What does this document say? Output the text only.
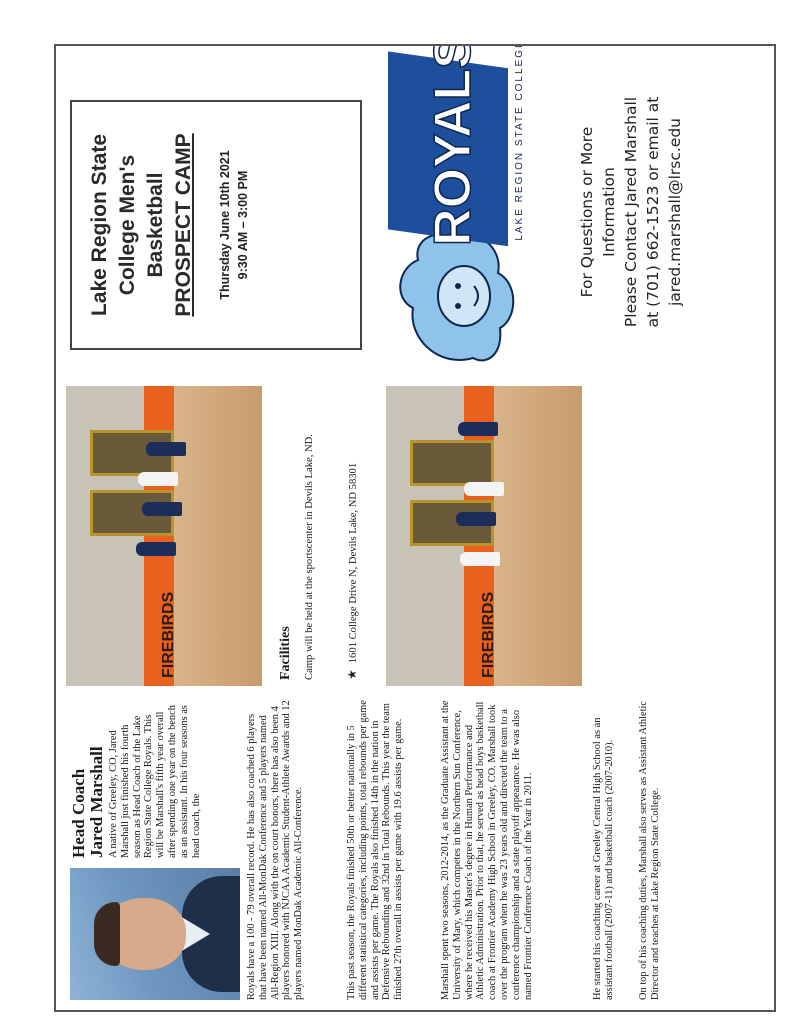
Head Coach Jared Marshall A native of Greeley, CO, Jared Marshall just finished his fourth season as Head Coach of the Lake Region State College Royals. This will be Marshall's fifth year overall after spending one year on the bench as an assistant. In his four seasons as head coach, the	Royals have a 100 - 79 overall record. He has also coached 6 players that have been named All-MonDak Conference and 5 players named All-Region XIII. Along with the on court honors, there has also been 4 players honored with NJCAA Academic Student-Athlete Awards and 12 players named MonDak Academic All-Conference.	This past season, the Royals finished 50th or better nationally in 5 different statistical categories, including points, total rebounds per game and assists per game. The Royals also finished 14th in the nation in Defensive Rebounding and 32nd in Total Rebounds. This year the team finished 27th overall in assists per game with 19.6 assists per game.	Marshall spent two seasons, 2012-2014, as the Graduate Assistant at the University of Mary, which competes in the Northern Sun Conference, where he received his Master's degree in Human Performance and Athletic Administration. Prior to that, he served as head boys basketball coach at Frontier Academy High School in Greeley, CO. Marshall took over the program when he was 23 years old and directed the team to a conference championship and a state playoff appearance. He was also named Frontier Conference Coach of the Year in 2011.	He started his coaching career at Greeley Central High School as an assistant football (2007-11) and basketball coach (2007-2010). On top of his coaching duties, Marshall also serves as Assistant Athletic Director and teaches at Lake Region State College.

FIREBIRDS	Facilities Camp will be held at the sportscenter in Devils Lake, ND.	★1601 College Drive N, Devils Lake, ND 58301	FIREBIRDS
Lake Region State College Men's Basketball PROSPECT CAMP Thursday June 10th 2021 9:30 AM – 3:00 PM	ROYALS	LAKE REGION STATE COLLEGE	For Questions or More Information Please Contact Jared Marshall at (701) 662-1523 or email at jared.marshall@lrsc.edu
